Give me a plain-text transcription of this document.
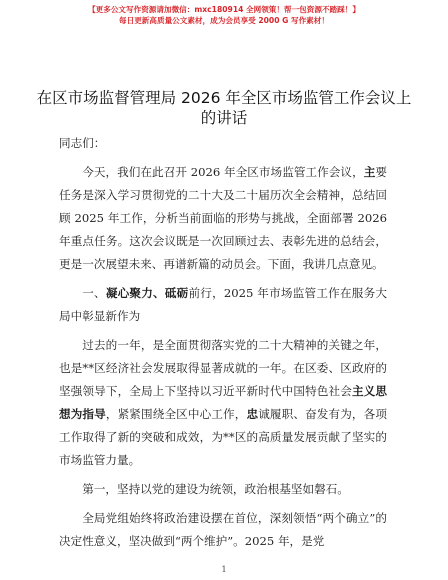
【更多公文写作资源请加微信：mxc180914 全网领策！帮一包资源不踏踩！】
每日更新高质量公文素材，成为会员享受 2000 G 写作素材！
在区市场监督管理局 2026 年全区市场监管工作会议上的讲话

同志们：

今天，我们在此召开 2026 年全区市场监管工作会议，主要任务是深入学习贯彻党的二十大及二十届历次全会精神，总结回顾 2025 年工作，分析当前面临的形势与挑战，全面部署 2026 年重点任务。这次会议既是一次回顾过去、表彰先进的总结会，更是一次展望未来、再谱新篇的动员会。下面，我讲几点意见。

一、凝心聚力、砥砺前行，2025 年市场监管工作在服务大局中彰显新作为

过去的一年，是全面贯彻落实党的二十大精神的关键之年，也是**区经济社会发展取得显著成就的一年。在区委、区政府的坚强领导下，全局上下坚持以习近平新时代中国特色社会主义思想为指导，紧紧围绕全区中心工作，忠诚履职、奋发有为，各项工作取得了新的突破和成效，为**区的高质量发展贡献了坚实的市场监管力量。

第一，坚持以党的建设为统领，政治根基坚如磐石。

全局党组始终将政治建设摆在首位，深刻领悟“两个确立”的决定性意义，坚决做到“两个维护”。2025 年，是党

1
